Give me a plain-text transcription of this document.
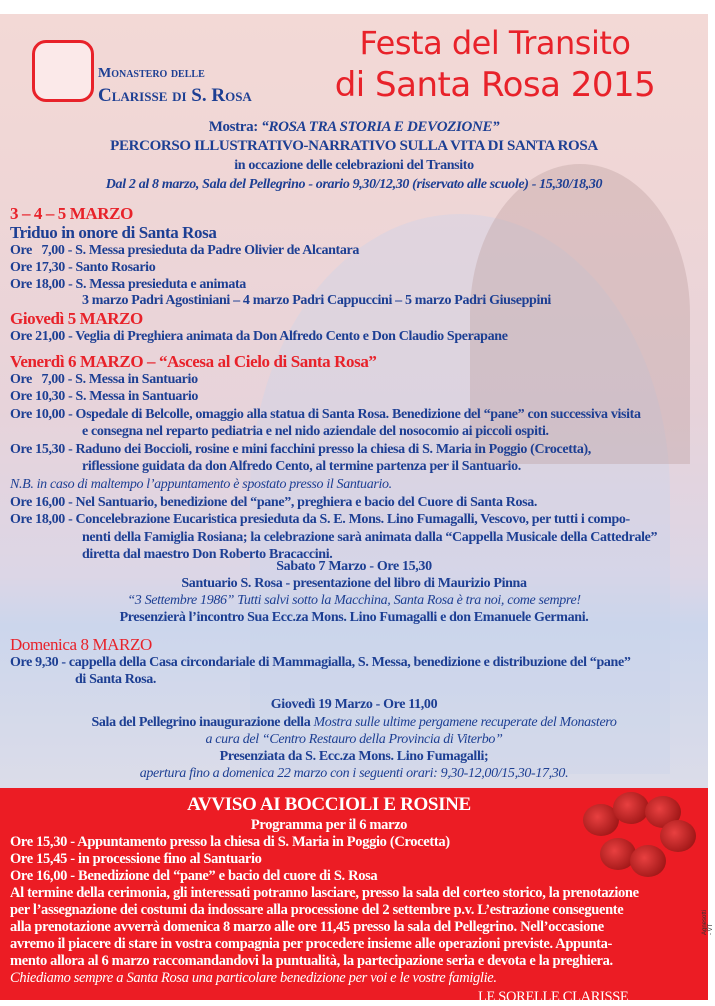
Monastero delle
Clarisse di S. Rosa
Festa del Transito
di Santa Rosa 2015
Mostra: “ROSA TRA STORIA E DEVOZIONE”
PERCORSO ILLUSTRATIVO-NARRATIVO SULLA VITA DI SANTA ROSA
in occazione delle celebrazioni del Transito
Dal 2 al 8 marzo, Sala del Pellegrino - orario 9,30/12,30 (riservato alle scuole) - 15,30/18,30
3 – 4 – 5 MARZO
Triduo in onore di Santa Rosa
Ore   7,00 - S. Messa presieduta da Padre Olivier de Alcantara
Ore 17,30 - Santo Rosario
Ore 18,00 - S. Messa presieduta e animata
3 marzo Padri Agostiniani – 4 marzo Padri Cappuccini – 5 marzo Padri Giuseppini
Giovedì 5 MARZO
Ore 21,00 - Veglia di Preghiera animata da Don Alfredo Cento e Don Claudio Sperapane
Venerdì 6 MARZO – “Ascesa al Cielo di Santa Rosa”
Ore   7,00 - S. Messa in Santuario
Ore 10,30 - S. Messa in Santuario
Ore 10,00 - Ospedale di Belcolle, omaggio alla statua di Santa Rosa. Benedizione del “pane” con successiva visita
e consegna nel reparto pediatria e nel nido aziendale del nosocomio ai piccoli ospiti.
Ore 15,30 - Raduno dei Boccioli, rosine e mini facchini presso la chiesa di S. Maria in Poggio (Crocetta),
riflessione guidata da don Alfredo Cento, al termine partenza per il Santuario.
N.B. in caso di maltempo l’appuntamento è spostato presso il Santuario.
Ore 16,00 - Nel Santuario, benedizione del “pane”, preghiera e bacio del Cuore di Santa Rosa.
Ore 18,00 - Concelebrazione Eucaristica presieduta da S. E. Mons. Lino Fumagalli, Vescovo, per tutti i compo-
nenti della Famiglia Rosiana; la celebrazione sarà animata dalla “Cappella Musicale della Cattedrale”
diretta dal maestro Don Roberto Bracaccini.
Sabato 7 Marzo - Ore 15,30
Santuario S. Rosa - presentazione del libro di Maurizio Pinna
“3 Settembre 1986” Tutti salvi sotto la Macchina, Santa Rosa è tra noi, come sempre!
Presenzierà l’incontro Sua Ecc.za Mons. Lino Fumagalli e don Emanuele Germani.
Domenica 8 MARZO
Ore 9,30 - cappella della Casa circondariale di Mammagialla, S. Messa, benedizione e distribuzione del “pane”
di Santa Rosa.
Giovedì 19 Marzo - Ore 11,00
Sala del Pellegrino inaugurazione della Mostra sulle ultime pergamene recuperate del Monastero
a cura del “Centro Restauro della Provincia di Viterbo”
Presenziata da S. Ecc.za Mons. Lino Fumagalli;
apertura fino a domenica 22 marzo con i seguenti orari: 9,30-12,00/15,30-17,30.
AVVISO AI BOCCIOLI E ROSINE
Programma per il 6 marzo
Ore 15,30 - Appuntamento presso la chiesa di S. Maria in Poggio (Crocetta)
Ore 15,45 - in processione fino al Santuario
Ore 16,00 - Benedizione del “pane” e bacio del cuore di S. Rosa
Al termine della cerimonia, gli interessati potranno lasciare, presso la sala del corteo storico, la prenotazione
per l’assegnazione dei costumi da indossare alla processione del 2 settembre p.v. L’estrazione conseguente
alla prenotazione avverrà domenica 8 marzo alle ore 11,45 presso la sala del Pellegrino. Nell’occasione
avremo il piacere di stare in vostra compagnia per procedere insieme alle operazioni previste. Appunta-
mento allora al 6 marzo raccomandandovi la puntualità, la partecipazione seria e devota e la preghiera.
Chiediamo sempre a Santa Rosa una particolare benedizione per voi e le vostre famiglie.
LE SORELLE CLARISSE
Agnesotti - VT
